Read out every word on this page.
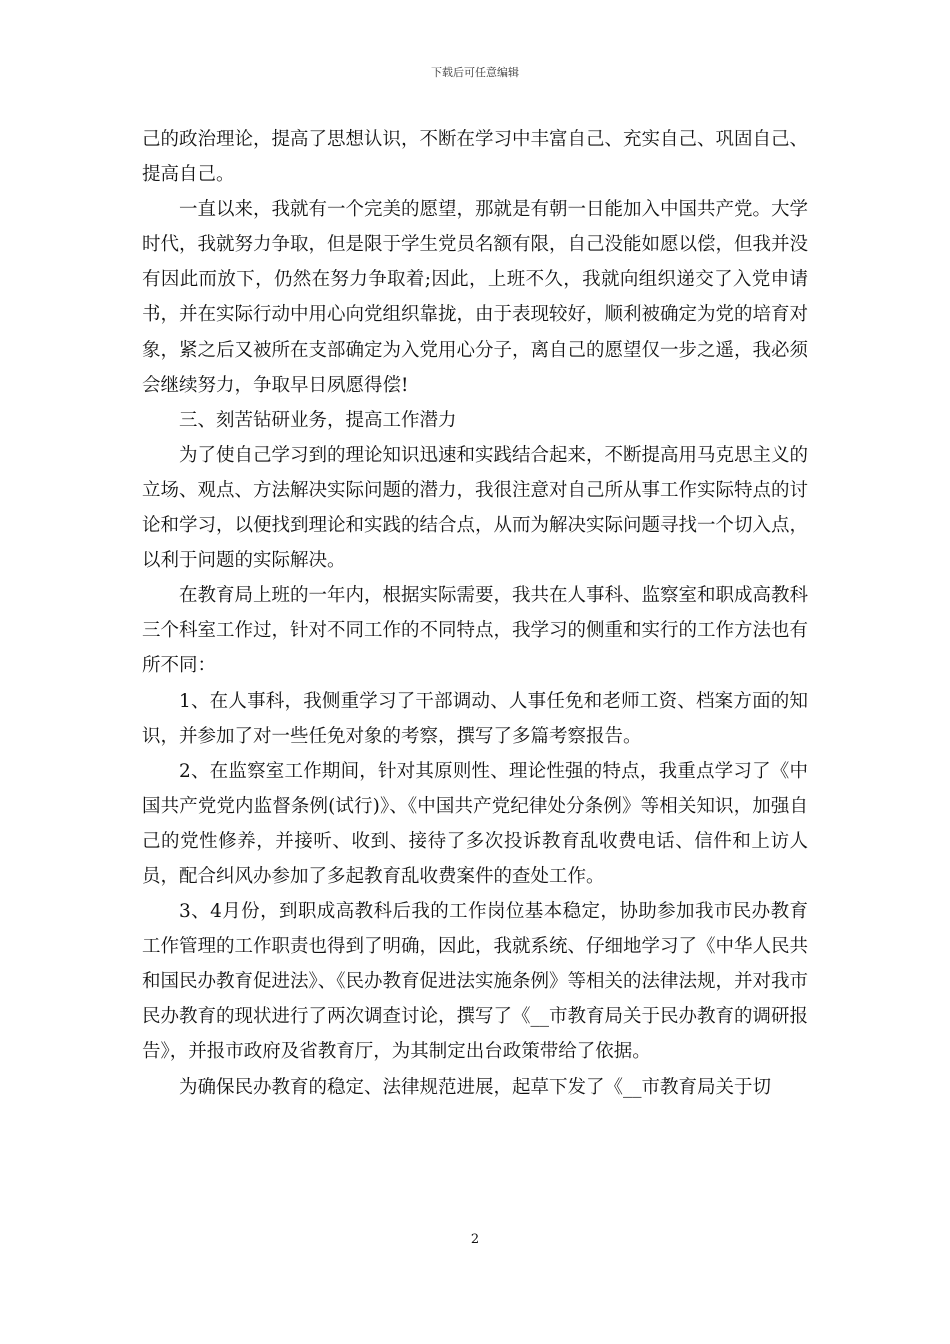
下载后可任意编辑

己的政治理论，提高了思想认识，不断在学习中丰富自己、充实自己、巩固自己、提高自己。

一直以来，我就有一个完美的愿望，那就是有朝一日能加入中国共产党。大学时代，我就努力争取，但是限于学生党员名额有限，自己没能如愿以偿，但我并没有因此而放下，仍然在努力争取着;因此，上班不久，我就向组织递交了入党申请书，并在实际行动中用心向党组织靠拢，由于表现较好，顺利被确定为党的培育对象，紧之后又被所在支部确定为入党用心分子，离自己的愿望仅一步之遥，我必须会继续努力，争取早日夙愿得偿!

三、刻苦钻研业务，提高工作潜力

为了使自己学习到的理论知识迅速和实践结合起来，不断提高用马克思主义的立场、观点、方法解决实际问题的潜力，我很注意对自己所从事工作实际特点的讨论和学习，以便找到理论和实践的结合点，从而为解决实际问题寻找一个切入点，以利于问题的实际解决。

在教育局上班的一年内，根据实际需要，我共在人事科、监察室和职成高教科三个科室工作过，针对不同工作的不同特点，我学习的侧重和实行的工作方法也有所不同：

1、在人事科，我侧重学习了干部调动、人事任免和老师工资、档案方面的知识，并参加了对一些任免对象的考察，撰写了多篇考察报告。

2、在监察室工作期间，针对其原则性、理论性强的特点，我重点学习了《中国共产党党内监督条例(试行)》、《中国共产党纪律处分条例》等相关知识，加强自己的党性修养，并接听、收到、接待了多次投诉教育乱收费电话、信件和上访人员，配合纠风办参加了多起教育乱收费案件的查处工作。

3、4月份，到职成高教科后我的工作岗位基本稳定，协助参加我市民办教育工作管理的工作职责也得到了明确，因此，我就系统、仔细地学习了《中华人民共和国民办教育促进法》、《民办教育促进法实施条例》等相关的法律法规，并对我市民办教育的现状进行了两次调查讨论，撰写了《__市教育局关于民办教育的调研报告》，并报市政府及省教育厅，为其制定出台政策带给了依据。

为确保民办教育的稳定、法律规范进展，起草下发了《__市教育局关于切

2
